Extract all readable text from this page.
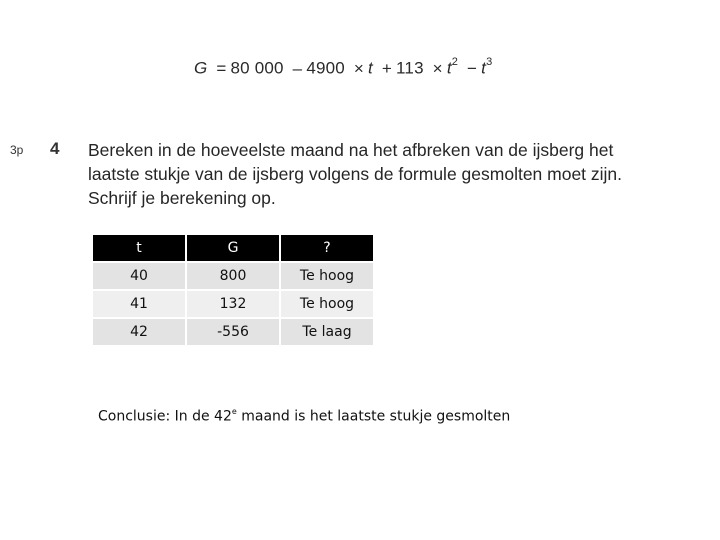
G = 80 $000 - 4900 \times t + 113 \times t^2 - t^3$
3p 4 Bereken in de hoeveelste maand na het afbreken van de ijsberg het
laatste stukje van de ijsberg volgens de formule gesmolten moet zijn.
Schrijf je berekening op.
t	G	?
40	800	Te hoog
41	132	Te hoog
42	-556	Te laag
Conclusie: In de 42e maand is het laatste stukje gesmolten
